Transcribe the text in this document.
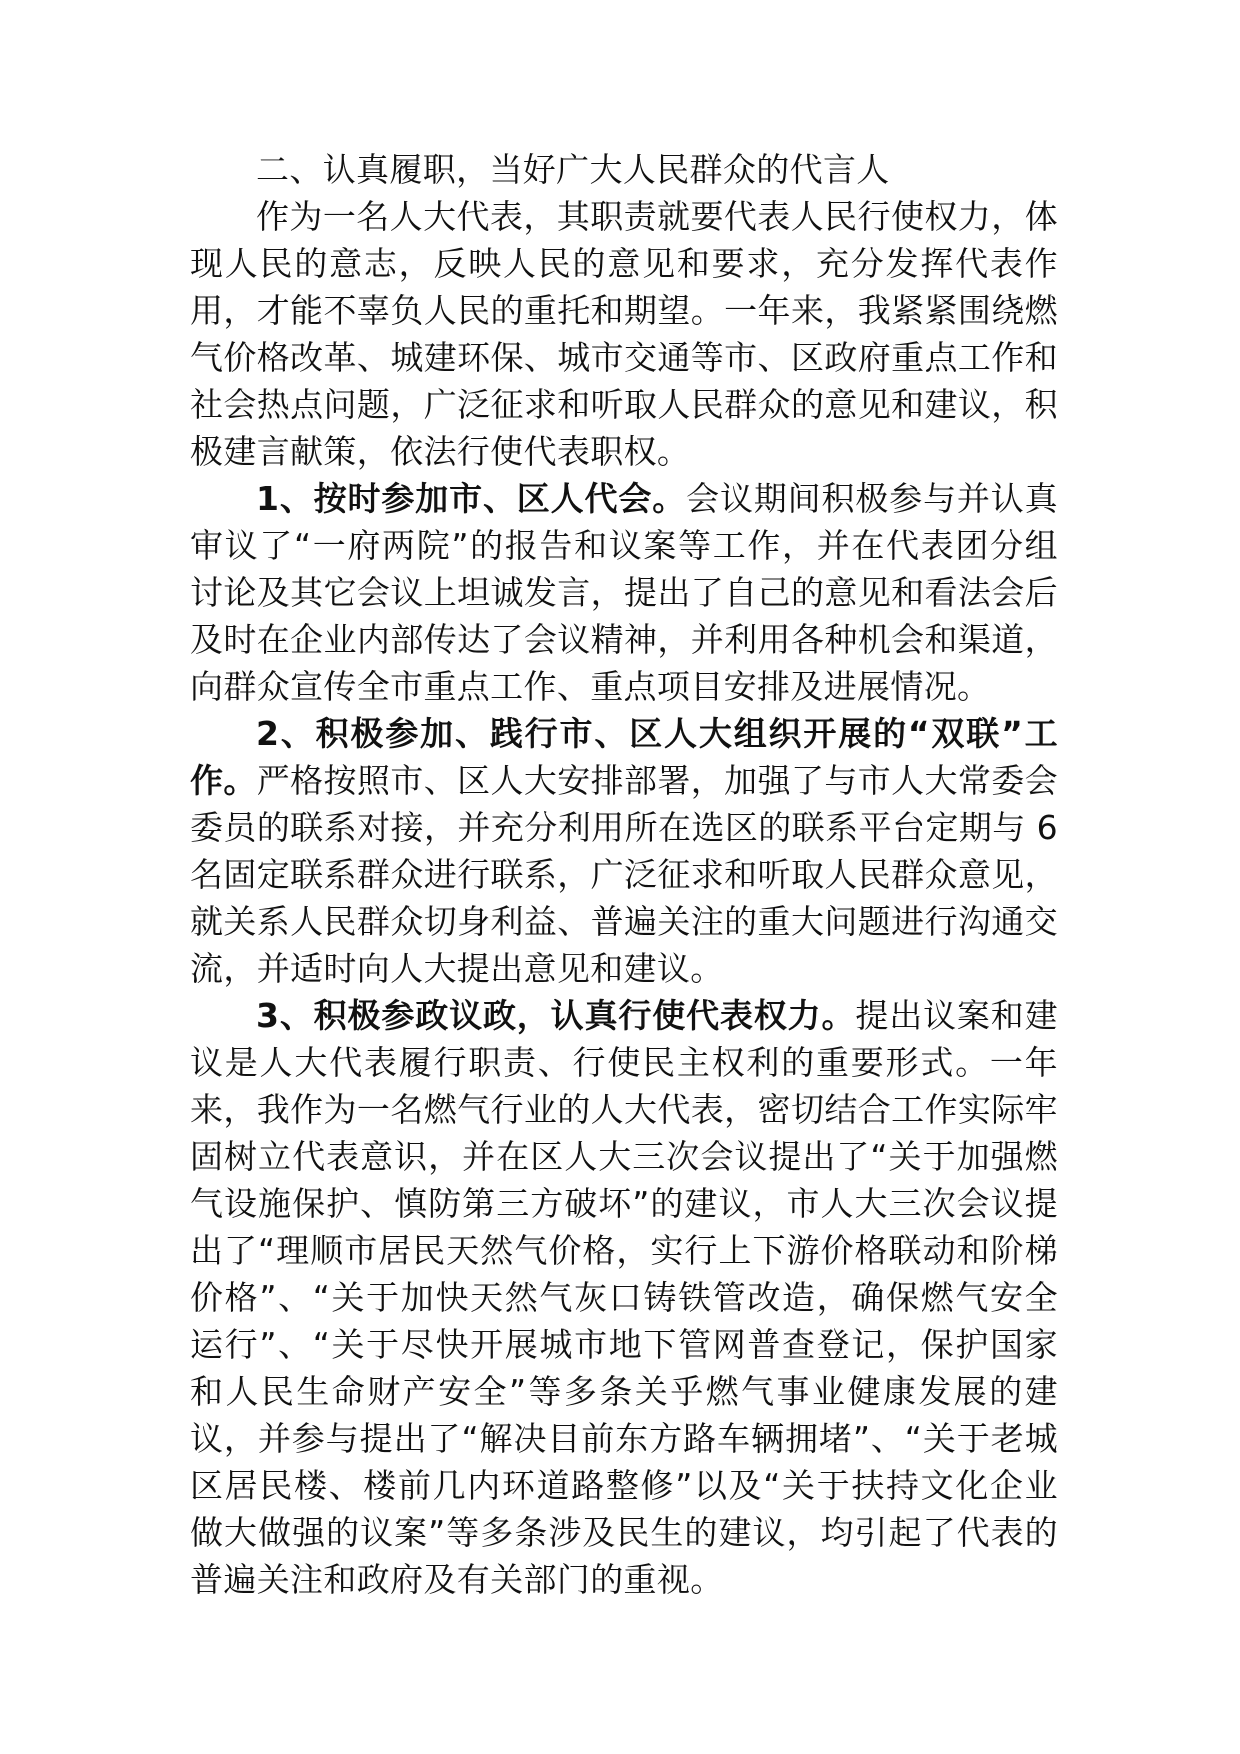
二、认真履职，当好广大人民群众的代言人

作为一名人大代表，其职责就要代表人民行使权力，体现人民的意志，反映人民的意见和要求，充分发挥代表作用，才能不辜负人民的重托和期望。一年来，我紧紧围绕燃气价格改革、城建环保、城市交通等市、区政府重点工作和社会热点问题，广泛征求和听取人民群众的意见和建议，积极建言献策，依法行使代表职权。

1、按时参加市、区人代会。会议期间积极参与并认真审议了“一府两院”的报告和议案等工作，并在代表团分组讨论及其它会议上坦诚发言，提出了自己的意见和看法会后及时在企业内部传达了会议精神，并利用各种机会和渠道，向群众宣传全市重点工作、重点项目安排及进展情况。

2、积极参加、践行市、区人大组织开展的“双联”工作。严格按照市、区人大安排部署，加强了与市人大常委会委员的联系对接，并充分利用所在选区的联系平台定期与 6 名固定联系群众进行联系，广泛征求和听取人民群众意见，就关系人民群众切身利益、普遍关注的重大问题进行沟通交流，并适时向人大提出意见和建议。

3、积极参政议政，认真行使代表权力。提出议案和建议是人大代表履行职责、行使民主权利的重要形式。一年来，我作为一名燃气行业的人大代表，密切结合工作实际牢固树立代表意识，并在区人大三次会议提出了“关于加强燃气设施保护、慎防第三方破坏”的建议，市人大三次会议提出了“理顺市居民天然气价格，实行上下游价格联动和阶梯价格”、“关于加快天然气灰口铸铁管改造，确保燃气安全运行”、“关于尽快开展城市地下管网普查登记，保护国家和人民生命财产安全”等多条关乎燃气事业健康发展的建议，并参与提出了“解决目前东方路车辆拥堵”、“关于老城区居民楼、楼前几内环道路整修”以及“关于扶持文化企业做大做强的议案”等多条涉及民生的建议，均引起了代表的普遍关注和政府及有关部门的重视。
